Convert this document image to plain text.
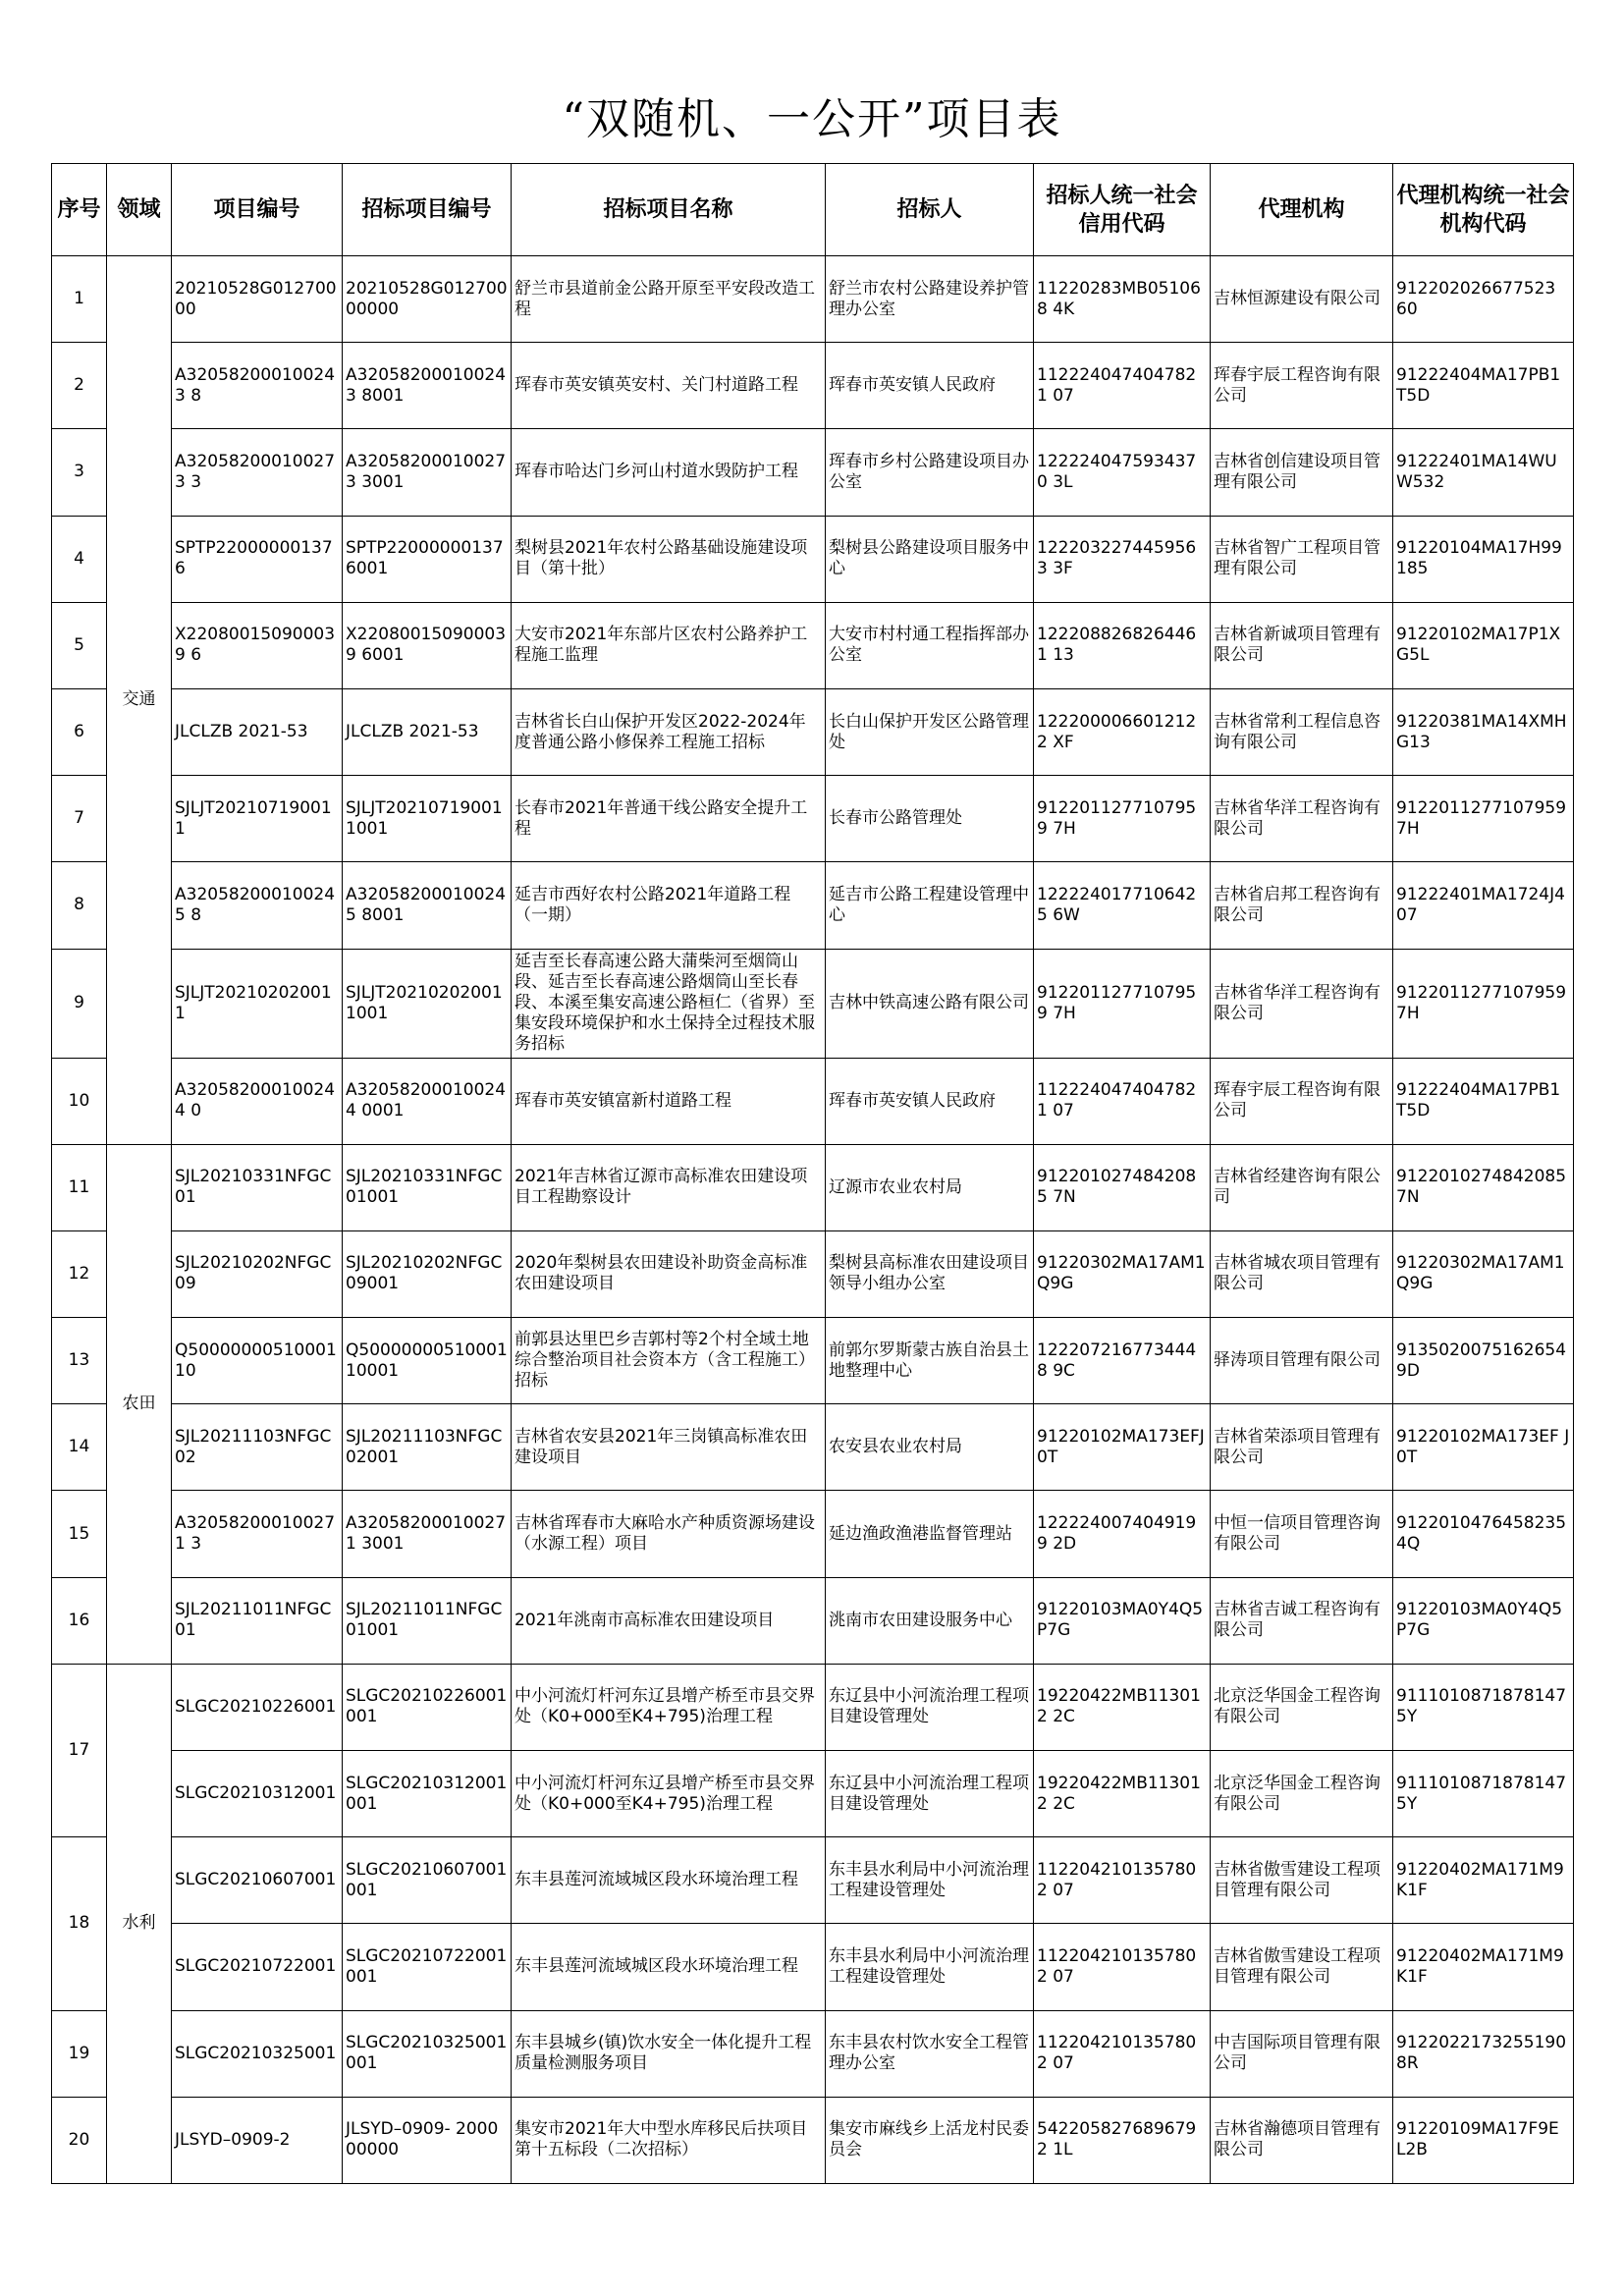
“双随机、一公开”项目表
序号	领域	项目编号	招标项目编号	招标项目名称	招标人	招标人统一社会信用代码	代理机构	代理机构统一社会机构代码
1	交通	20210528G012700 00	20210528G012700 00000	舒兰市县道前金公路开原至平安段改造工程	舒兰市农村公路建设养护管理办公室	11220283MB051068 4K	吉林恒源建设有限公司	912202026677523 60
2		A320582000100243 8	A320582000100243 8001	珲春市英安镇英安村、关门村道路工程	珲春市英安镇人民政府	1122240474047821 07	珲春宇辰工程咨询有限公司	91222404MA17PB1 T5D
3		A320582000100273 3	A320582000100273 3001	珲春市哈达门乡河山村道水毁防护工程	珲春市乡村公路建设项目办公室	1222240475934370 3L	吉林省创信建设项目管理有限公司	91222401MA14WU W532
4		SPTP22000000137 6	SPTP22000000137 6001	梨树县2021年农村公路基础设施建设项目（第十批）	梨树县公路建设项目服务中心	1222032274459563 3F	吉林省智广工程项目管理有限公司	91220104MA17H99 185
5		X220800150900039 6	X220800150900039 6001	大安市2021年东部片区农村公路养护工程施工监理	大安市村村通工程指挥部办公室	1222088268264461 13	吉林省新诚项目管理有限公司	91220102MA17P1X G5L
6		JLCLZB 2021-53	JLCLZB 2021-53	吉林省长白山保护开发区2022-2024年度普通公路小修保养工程施工招标	长白山保护开发区公路管理处	1222000066012122 XF	吉林省常利工程信息咨询有限公司	91220381MA14XMH G13
7		SJLJT20210719001 1	SJLJT20210719001 1001	长春市2021年普通干线公路安全提升工程	长春市公路管理处	9122011277107959 7H	吉林省华洋工程咨询有限公司	9122011277107959 7H
8		A320582000100245 8	A320582000100245 8001	延吉市西好农村公路2021年道路工程（一期）	延吉市公路工程建设管理中心	1222240177106425 6W	吉林省启邦工程咨询有限公司	91222401MA1724J4 07
9		SJLJT20210202001 1	SJLJT20210202001 1001	延吉至长春高速公路大蒲柴河至烟筒山段、延吉至长春高速公路烟筒山至长春段、本溪至集安高速公路桓仁（省界）至集安段环境保护和水土保持全过程技术服务招标	吉林中铁高速公路有限公司	9122011277107959 7H	吉林省华洋工程咨询有限公司	9122011277107959 7H
10		A320582000100244 0	A320582000100244 0001	珲春市英安镇富新村道路工程	珲春市英安镇人民政府	1122240474047821 07	珲春宇辰工程咨询有限公司	91222404MA17PB1 T5D
11	农田	SJL20210331NFGC 01	SJL20210331NFGC 01001	2021年吉林省辽源市高标准农田建设项目工程勘察设计	辽源市农业农村局	9122010274842085 7N	吉林省经建咨询有限公司	9122010274842085 7N
12		SJL20210202NFGC 09	SJL20210202NFGC 09001	2020年梨树县农田建设补助资金高标准农田建设项目	梨树县高标准农田建设项目领导小组办公室	91220302MA17AM1 Q9G	吉林省城农项目管理有限公司	91220302MA17AM1 Q9G
13		Q50000000510001 10	Q50000000510001 10001	前郭县达里巴乡吉郭村等2个村全域土地综合整治项目社会资本方（含工程施工）招标	前郭尔罗斯蒙古族自治县土地整理中心	1222072167734448 9C	驿涛项目管理有限公司	9135020075162654 9D
14		SJL20211103NFGC 02	SJL20211103NFGC 02001	吉林省农安县2021年三岗镇高标准农田建设项目	农安县农业农村局	91220102MA173EFJ 0T	吉林省荣添项目管理有限公司	91220102MA173EF J0T
15		A320582000100271 3	A320582000100271 3001	吉林省珲春市大麻哈水产种质资源场建设（水源工程）项目	延边渔政渔港监督管理站	1222240074049199 2D	中恒一信项目管理咨询有限公司	9122010476458235 4Q
16		SJL20211011NFGC 01	SJL20211011NFGC 01001	2021年洮南市高标准农田建设项目	洮南市农田建设服务中心	91220103MA0Y4Q5 P7G	吉林省吉诚工程咨询有限公司	91220103MA0Y4Q5 P7G
17	水利	SLGC20210226001	SLGC20210226001 001	中小河流灯杆河东辽县增产桥至市县交界处（K0+000至K4+795)治理工程	东辽县中小河流治理工程项目建设管理处	19220422MB113012 2C	北京泛华国金工程咨询有限公司	9111010871878147 5Y
		SLGC20210312001	SLGC20210312001 001	中小河流灯杆河东辽县增产桥至市县交界处（K0+000至K4+795)治理工程	东辽县中小河流治理工程项目建设管理处	19220422MB113012 2C	北京泛华国金工程咨询有限公司	9111010871878147 5Y
18		SLGC20210607001	SLGC20210607001 001	东丰县莲河流域城区段水环境治理工程	东丰县水利局中小河流治理工程建设管理处	1122042101357802 07	吉林省傲雪建设工程项目管理有限公司	91220402MA171M9 K1F
		SLGC20210722001	SLGC20210722001 001	东丰县莲河流域城区段水环境治理工程	东丰县水利局中小河流治理工程建设管理处	1122042101357802 07	吉林省傲雪建设工程项目管理有限公司	91220402MA171M9 K1F
19		SLGC20210325001	SLGC20210325001 001	东丰县城乡(镇)饮水安全一体化提升工程质量检测服务项目	东丰县农村饮水安全工程管理办公室	1122042101357802 07	中吉国际项目管理有限公司	9122022173255190 8R
20		JLSYD–0909-2	JLSYD–0909- 200000000	集安市2021年大中型水库移民后扶项目第十五标段（二次招标）	集安市麻线乡上活龙村民委员会	5422058276896792 1L	吉林省瀚德项目管理有限公司	91220109MA17F9E L2B
